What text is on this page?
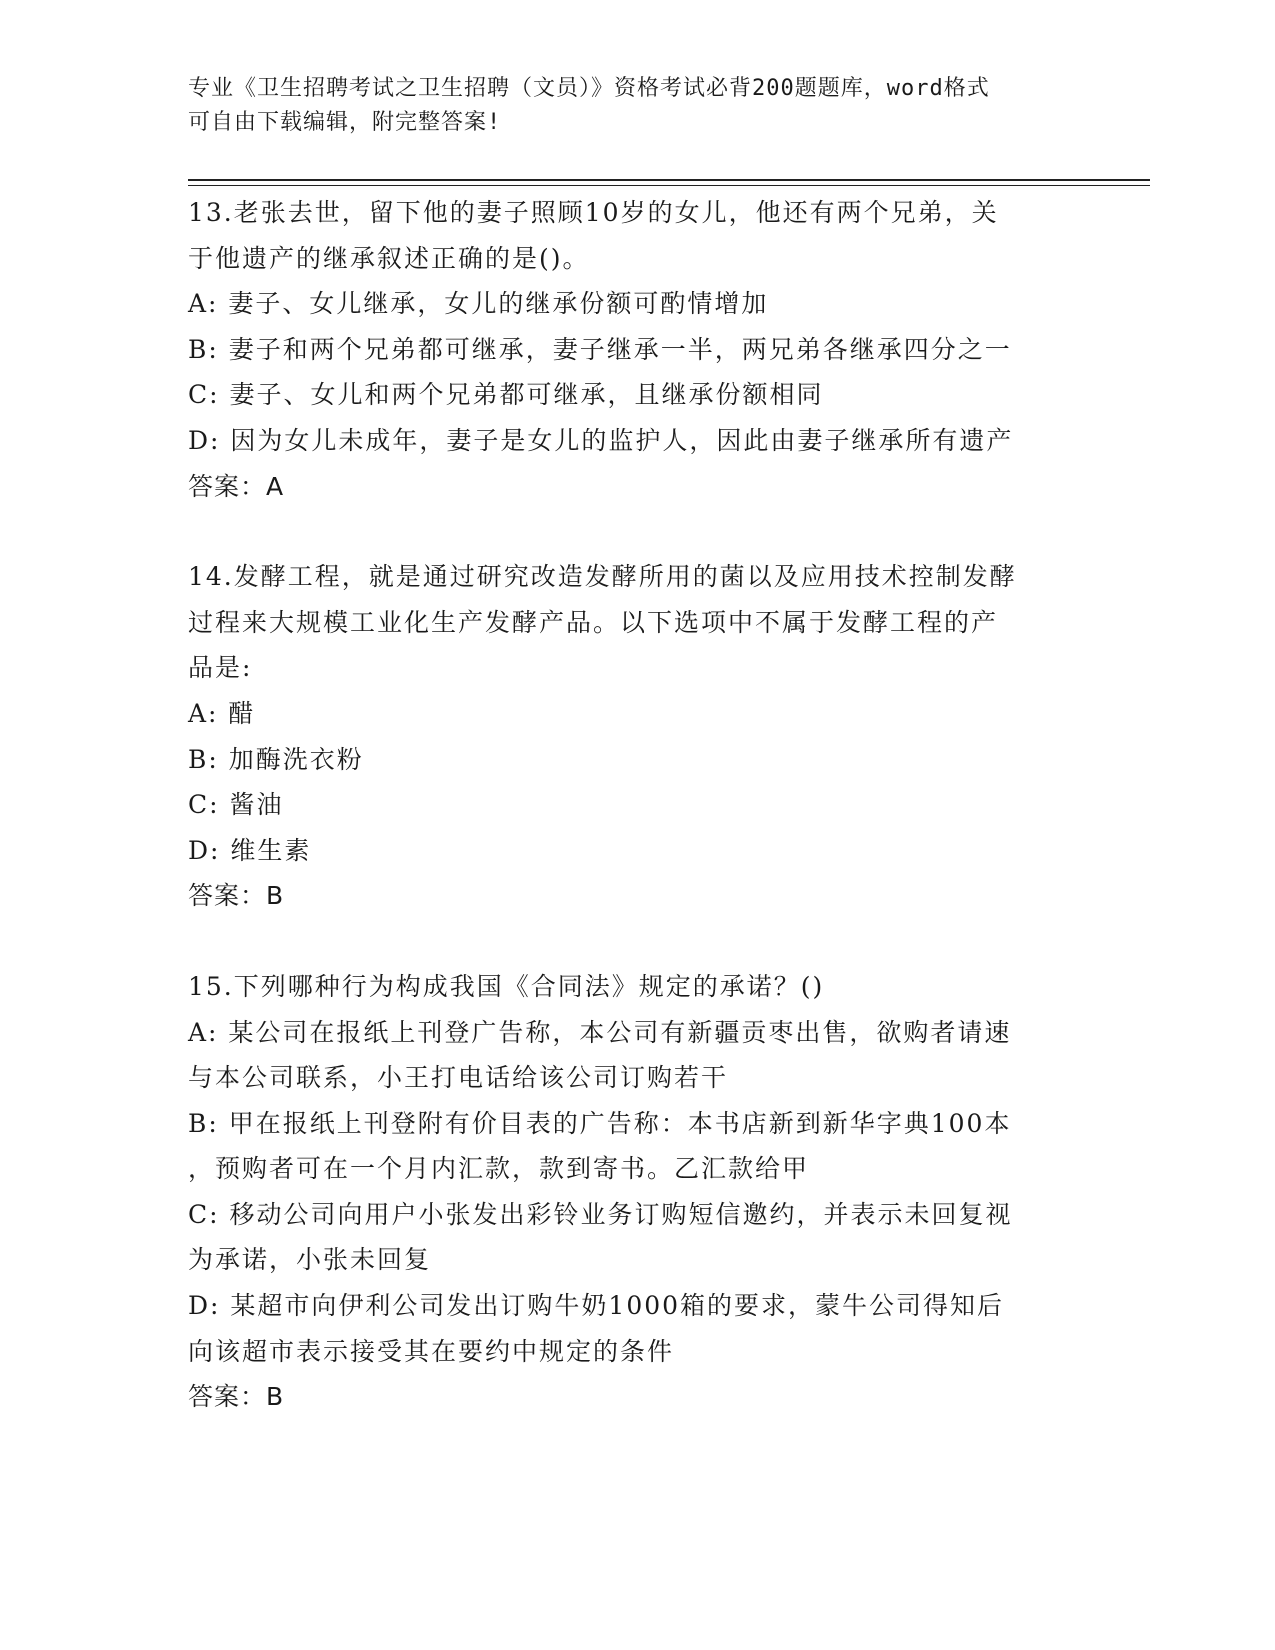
专业《卫生招聘考试之卫生招聘（文员）》资格考试必背200题题库，word格式
可自由下载编辑，附完整答案!

13.老张去世，留下他的妻子照顾10岁的女儿，他还有两个兄弟，关

于他遗产的继承叙述正确的是()。

A: 妻子、女儿继承，女儿的继承份额可酌情增加

B: 妻子和两个兄弟都可继承，妻子继承一半，两兄弟各继承四分之一

C: 妻子、女儿和两个兄弟都可继承，且继承份额相同

D: 因为女儿未成年，妻子是女儿的监护人，因此由妻子继承所有遗产

答案：A

14.发酵工程，就是通过研究改造发酵所用的菌以及应用技术控制发酵

过程来大规模工业化生产发酵产品。以下选项中不属于发酵工程的产

品是:

A: 醋

B: 加酶洗衣粉

C: 酱油

D: 维生素

答案：B

15.下列哪种行为构成我国《合同法》规定的承诺？()

A: 某公司在报纸上刊登广告称，本公司有新疆贡枣出售，欲购者请速

与本公司联系，小王打电话给该公司订购若干

B: 甲在报纸上刊登附有价目表的广告称：本书店新到新华字典100本

，预购者可在一个月内汇款，款到寄书。乙汇款给甲

C: 移动公司向用户小张发出彩铃业务订购短信邀约，并表示未回复视

为承诺，小张未回复

D: 某超市向伊利公司发出订购牛奶1000箱的要求，蒙牛公司得知后

向该超市表示接受其在要约中规定的条件

答案：B
